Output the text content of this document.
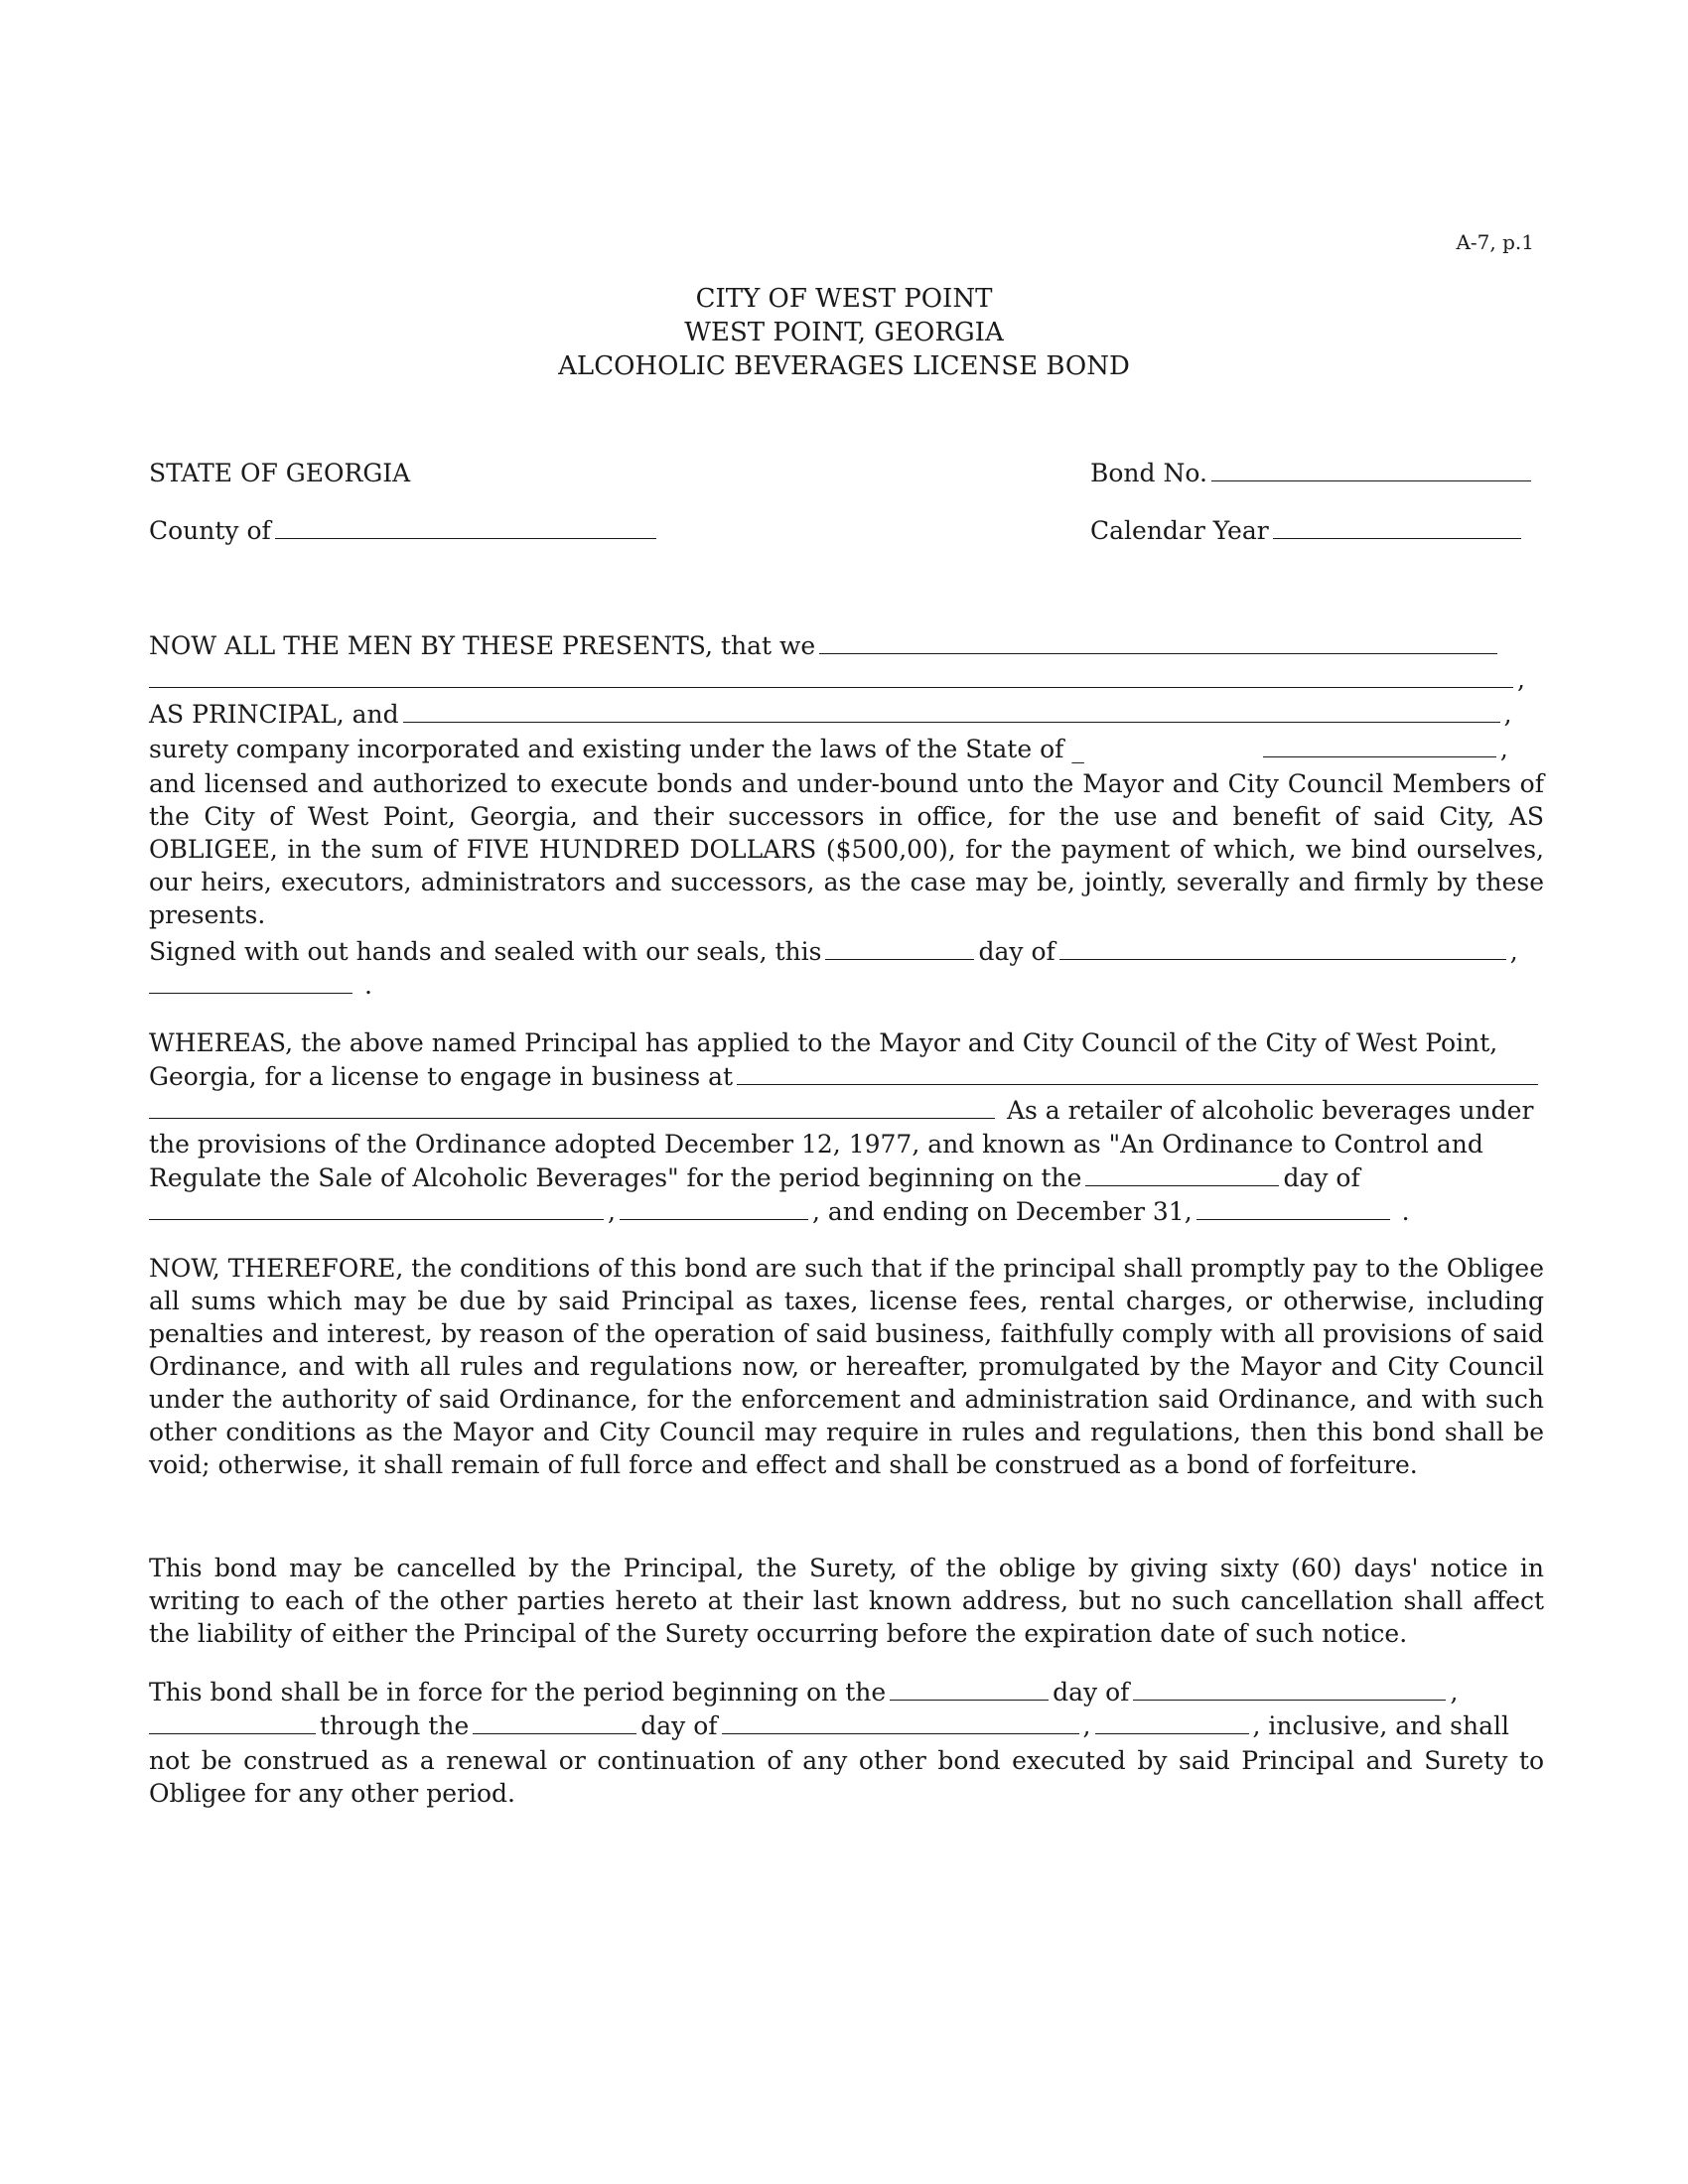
A-7, p.1
CITY OF WEST POINT
WEST POINT, GEORGIA
ALCOHOLIC BEVERAGES LICENSE BOND
STATE OF GEORGIA
County of
Bond No.
Calendar Year
NOW ALL THE MEN BY THESE PRESENTS, that we
,
AS PRINCIPAL, and	,
surety company incorporated and existing under the laws of the State of _	,

and licensed and authorized to execute bonds and under-bound unto the Mayor and City Council Members of the City of West Point, Georgia, and their successors in office, for the use and benefit of said City, AS OBLIGEE, in the sum of FIVE HUNDRED DOLLARS ($500,00), for the payment of which, we bind ourselves, our heirs, executors, administrators and successors, as the case may be, jointly, severally and firmly by these presents.

Signed with out hands and sealed with our seals, this	day of	,
.
WHEREAS, the above named Principal has applied to the Mayor and City Council of the City of West Point,
Georgia, for a license to engage in business at
As a retailer of alcoholic beverages under
the provisions of the Ordinance adopted December 12, 1977, and known as "An Ordinance to Control and
Regulate the Sale of Alcoholic Beverages" for the period beginning on the	day of
,	, and ending on December 31,	.

NOW, THEREFORE, the conditions of this bond are such that if the principal shall promptly pay to the Obligee all sums which may be due by said Principal as taxes, license fees, rental charges, or otherwise, including penalties and interest, by reason of the operation of said business, faithfully comply with all provisions of said Ordinance, and with all rules and regulations now, or hereafter, promulgated by the Mayor and City Council under the authority of said Ordinance, for the enforcement and administration said Ordinance, and with such other conditions as the Mayor and City Council may require in rules and regulations, then this bond shall be void; otherwise, it shall remain of full force and effect and shall be construed as a bond of forfeiture.

This bond may be cancelled by the Principal, the Surety, of the oblige by giving sixty (60) days' notice in writing to each of the other parties hereto at their last known address, but no such cancellation shall affect the liability of either the Principal of the Surety occurring before the expiration date of such notice.

This bond shall be in force for the period beginning on the	day of	,
through the	day of	,	, inclusive, and shall

not be construed as a renewal or continuation of any other bond executed by said Principal and Surety to Obligee for any other period.
